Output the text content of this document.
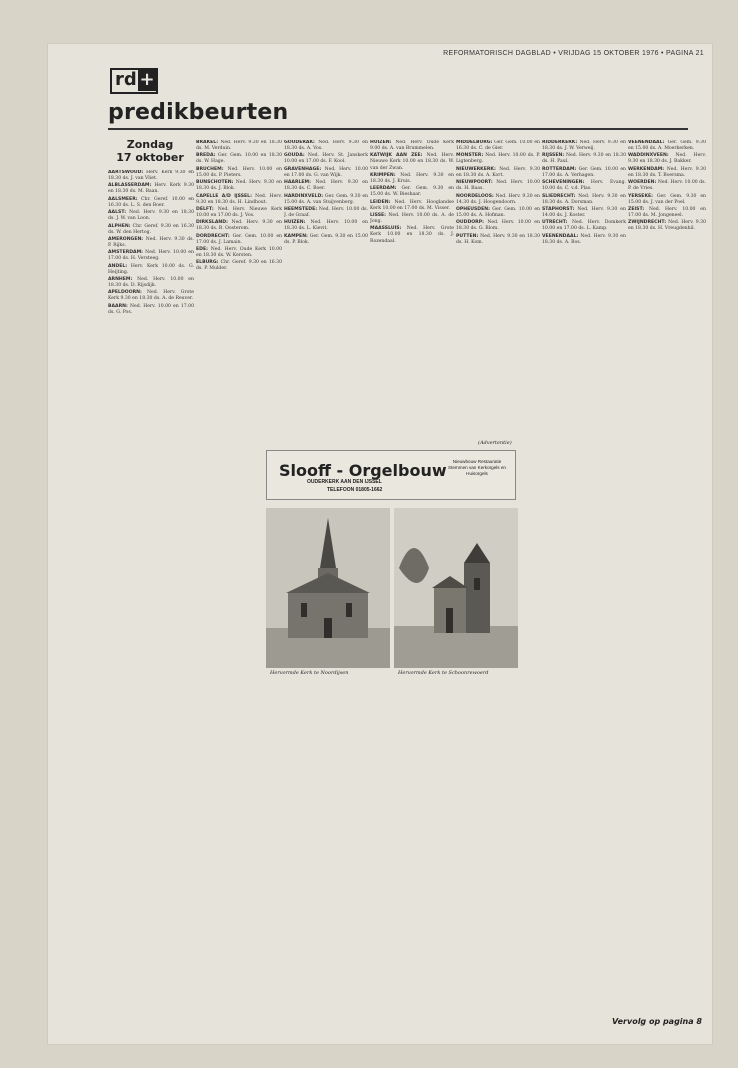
REFORMATORISCH DAGBLAD • VRIJDAG 15 OKTOBER 1976 • PAGINA 21
rd +
predikbeurten
Zondag
17 oktober

AARTSWOUD: Herv. Kerk 9.30 en 18.30 ds. J. van Vliet.

ALBLASSERDAM: Herv. Kerk 9.30 en 18.30 ds. M. Baan.

AALSMEER: Chr. Geref. 10.00 en 16.30 ds. L. S. den Boer.

AALST: Ned. Herv. 9.30 en 18.30 ds. J. W. van Loon.

ALPHEN: Chr. Geref. 9.30 en 16.30 ds. W. den Hertog.

AMERONGEN: Ned. Herv. 9.30 ds. P. Rijks.

AMSTERDAM: Ned. Herv. 10.00 en 17.00 ds. H. Versteeg.

ANDEL: Herv. Kerk 10.00 ds. G. Heijting.

ARNHEM: Ned. Herv. 10.00 en 18.30 ds. D. Rijsdijk.

APELDOORN: Ned. Herv. Grote Kerk 9.30 en 18.30 ds. A. de Reuver.

BAARN: Ned. Herv. 10.00 en 17.00 ds. G. Pos.

BRAKEL: Ned. Herv. 9.30 en 18.30 ds. M. Verduin.

BREDA: Ger. Gem. 10.00 en 18.30 ds. W. Hage.

BRUCHEM: Ned. Herv. 10.00 en 15.00 ds. P. Pieters.

BUNSCHOTEN: Ned. Herv. 9.30 en 18.30 ds. J. Blok.

CAPELLE A/D IJSSEL: Ned. Herv. 9.30 en 18.30 ds. H. Lindhout.

DELFT: Ned. Herv. Nieuwe Kerk 10.00 en 17.00 ds. J. Vos.

DIRKSLAND: Ned. Herv. 9.30 en 18.30 ds. B. Oosterom.

DORDRECHT: Ger. Gem. 10.00 en 17.00 ds. J. Lamain.

EDE: Ned. Herv. Oude Kerk 10.00 en 18.30 ds. W. Kersten.

ELBURG: Chr. Geref. 9.30 en 16.30 ds. P. Mulder.

GOUDERAK: Ned. Herv. 9.30 en 18.30 ds. A. Vos.

GOUDA: Ned. Herv. St. Janskerk 10.00 en 17.00 ds. F. Kool.

GRAVENHAGE: Ned. Herv. 10.00 en 17.00 ds. G. van Wijk.

HAARLEM: Ned. Herv. 9.30 en 18.30 ds. C. Boer.

HARDINXVELD: Ger. Gem. 9.30 en 15.00 ds. A. van Stuijvenberg.

HEEMSTEDE: Ned. Herv. 10.00 ds. J. de Graaf.

HUIZEN: Ned. Herv. 10.00 en 18.30 ds. L. Kievit.

KAMPEN: Ger. Gem. 9.30 en 15.00 ds. P. Blok.

HUIZEN: Ned. Herv. Oude Kerk 9.00 ds. A. van Brummelen.

KATWIJK AAN ZEE: Ned. Herv. Nieuwe Kerk 10.00 en 18.30 ds. W. van der Zwan.

KRIMPEN: Ned. Herv. 9.30 en 18.30 ds. J. Kruis.

LEERDAM: Ger. Gem. 9.30 en 15.00 ds. W. Bieshaar.

LEIDEN: Ned. Herv. Hooglandse Kerk 10.00 en 17.00 ds. M. Visser.

LISSE: Ned. Herv. 10.00 ds. A. de Jong.

MAASSLUIS: Ned. Herv. Grote Kerk 10.00 en 18.30 ds. J. Rozendaal.

MIDDELBURG: Ger. Gem. 10.00 en 16.30 ds. C. de Gier.

MONSTER: Ned. Herv. 10.00 ds. P. Ligtenberg.

NIEUWERKERK: Ned. Herv. 9.30 en 18.30 ds. A. Kort.

NIEUWPOORT: Ned. Herv. 10.00 ds. H. Baas.

NOORDELOOS: Ned. Herv. 9.30 en 14.30 ds. J. Hoogendoorn.

OPHEUSDEN: Ger. Gem. 10.00 en 15.00 ds. A. Hofman.

OUDDORP: Ned. Herv. 10.00 en 18.30 ds. G. Blom.

PUTTEN: Ned. Herv. 9.30 en 18.30 ds. H. Kom.

RIDDERKERK: Ned. Herv. 9.30 en 18.30 ds. J. W. Verweij.

RIJSSEN: Ned. Herv. 9.30 en 18.30 ds. H. Paul.

ROTTERDAM: Ger. Gem. 10.00 en 17.00 ds. A. Verhagen.

SCHEVENINGEN: Herv. Evang. 10.00 ds. C. v.d. Plas.

SLIEDRECHT: Ned. Herv. 9.30 en 18.30 ds. A. Dorsman.

STAPHORST: Ned. Herv. 9.30 en 14.00 ds. J. Koster.

UTRECHT: Ned. Herv. Domkerk 10.00 en 17.00 ds. L. Kamp.

VEENENDAAL: Ned. Herv. 9.30 en 18.30 ds. A. Bos.

VEENENDAAL: Ger. Gem. 9.30 en 15.00 ds. A. Moerkerken.

WADDINXVEEN: Ned. Herv. 9.30 en 18.30 ds. J. Bakker.

WERKENDAM: Ned. Herv. 9.30 en 18.30 ds. T. Boersma.

WOERDEN: Ned. Herv. 10.00 ds. P. de Vries.

YERSEKE: Ger. Gem. 9.30 en 15.00 ds. J. van der Poel.

ZEIST: Ned. Herv. 10.00 en 17.00 ds. M. Jongeneel.

ZWIJNDRECHT: Ned. Herv. 9.30 en 18.30 ds. H. Vreugdenhil.

(Advertentie)
Slooff - Orgelbouw
OUDERKERK AAN DEN IJSSEL
TELEFOON 01805-1662
Nieuwbouw Restauratie Stemmen van Kerkorgels en Huisorgels
Hervormde Kerk te Noordijsen	Hervormde Kerk te Schoonrewoerd
Vervolg op pagina 8
